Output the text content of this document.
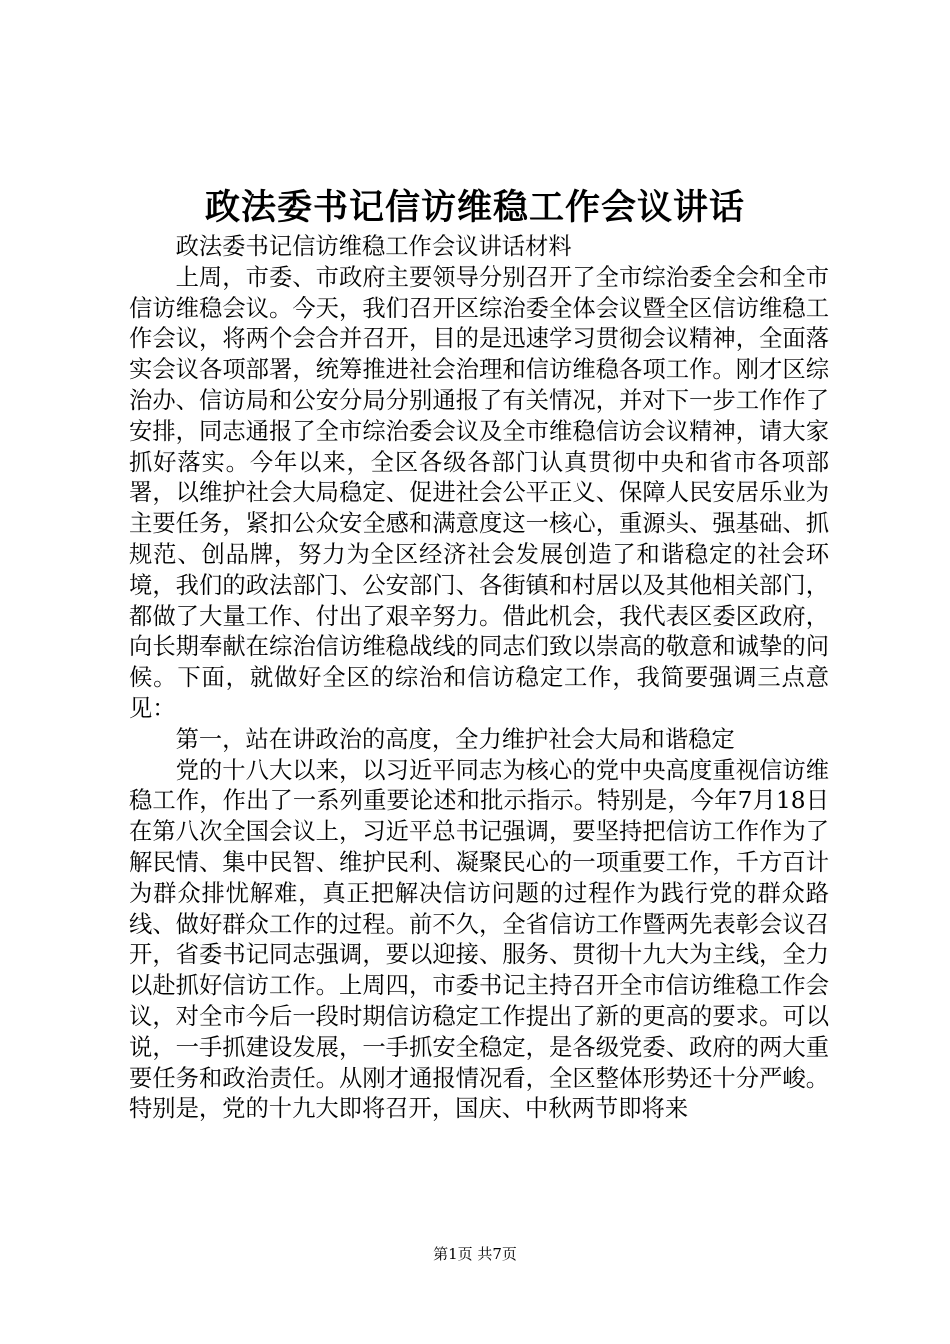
政法委书记信访维稳工作会议讲话

政法委书记信访维稳工作会议讲话材料

上周，市委、市政府主要领导分别召开了全市综治委全会和全市信访维稳会议。今天，我们召开区综治委全体会议暨全区信访维稳工作会议，将两个会合并召开，目的是迅速学习贯彻会议精神，全面落实会议各项部署，统筹推进社会治理和信访维稳各项工作。刚才区综治办、信访局和公安分局分别通报了有关情况，并对下一步工作作了安排，同志通报了全市综治委会议及全市维稳信访会议精神，请大家抓好落实。今年以来，全区各级各部门认真贯彻中央和省市各项部署，以维护社会大局稳定、促进社会公平正义、保障人民安居乐业为主要任务，紧扣公众安全感和满意度这一核心，重源头、强基础、抓规范、创品牌，努力为全区经济社会发展创造了和谐稳定的社会环境，我们的政法部门、公安部门、各街镇和村居以及其他相关部门，都做了大量工作、付出了艰辛努力。借此机会，我代表区委区政府，向长期奉献在综治信访维稳战线的同志们致以崇高的敬意和诚挚的问候。下面，就做好全区的综治和信访稳定工作，我简要强调三点意见：

第一，站在讲政治的高度，全力维护社会大局和谐稳定

党的十八大以来，以习近平同志为核心的党中央高度重视信访维稳工作，作出了一系列重要论述和批示指示。特别是，今年7月18日在第八次全国会议上，习近平总书记强调，要坚持把信访工作作为了解民情、集中民智、维护民利、凝聚民心的一项重要工作，千方百计为群众排忧解难，真正把解决信访问题的过程作为践行党的群众路线、做好群众工作的过程。前不久，全省信访工作暨两先表彰会议召开，省委书记同志强调，要以迎接、服务、贯彻十九大为主线，全力以赴抓好信访工作。上周四，市委书记主持召开全市信访维稳工作会议，对全市今后一段时期信访稳定工作提出了新的更高的要求。可以说，一手抓建设发展，一手抓安全稳定，是各级党委、政府的两大重要任务和政治责任。从刚才通报情况看，全区整体形势还十分严峻。特别是，党的十九大即将召开，国庆、中秋两节即将来

第1页 共7页
